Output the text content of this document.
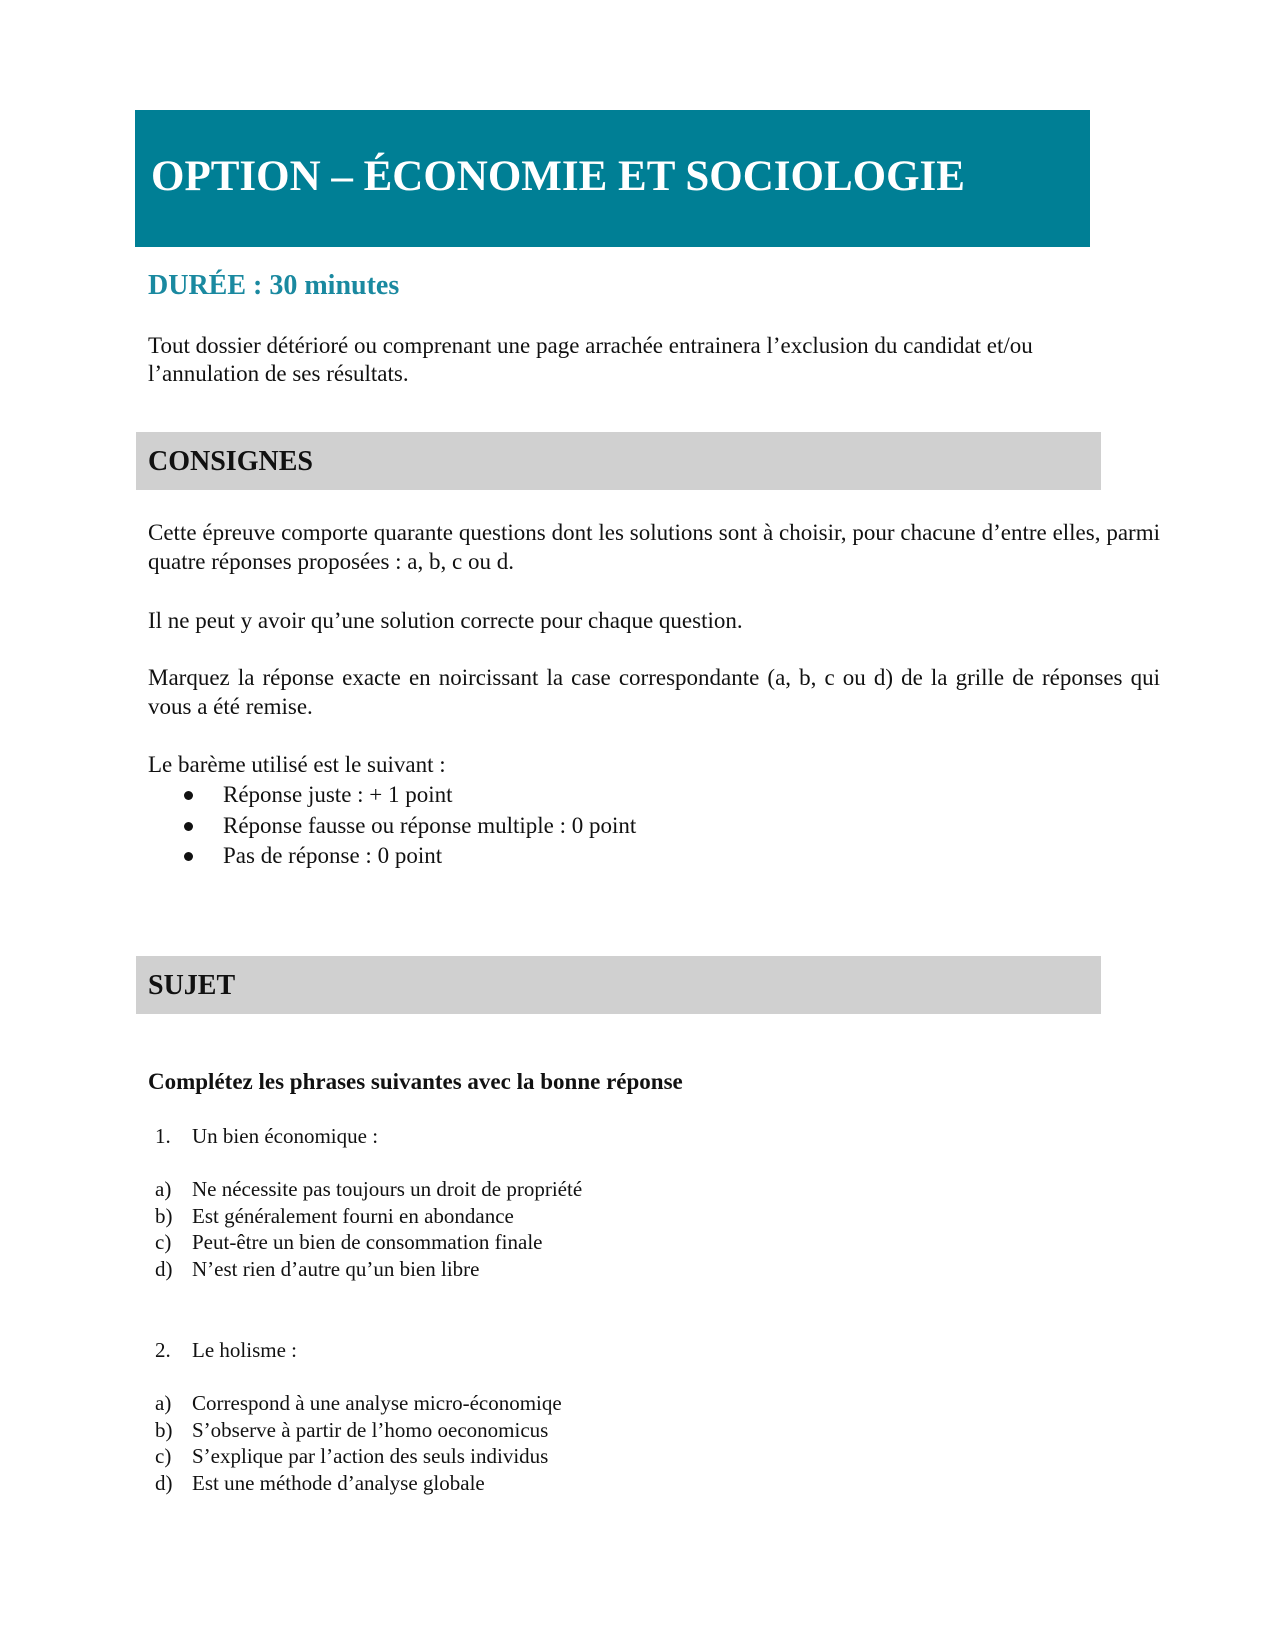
OPTION – ÉCONOMIE ET SOCIOLOGIE
DURÉE : 30 minutes
Tout dossier détérioré ou comprenant une page arrachée entrainera l’exclusion du candidat et/ou l’annulation de ses résultats.
CONSIGNES

Cette épreuve comporte quarante questions dont les solutions sont à choisir, pour chacune d’entre elles, parmi quatre réponses proposées : a, b, c ou d.

Il ne peut y avoir qu’une solution correcte pour chaque question.

Marquez la réponse exacte en noircissant la case correspondante (a, b, c ou d) de la grille de réponses qui vous a été remise.

Le barème utilisé est le suivant :

Réponse juste : + 1 point
Réponse fausse ou réponse multiple : 0 point
Pas de réponse : 0 point
SUJET
Complétez les phrases suivantes avec la bonne réponse
1. Un bien économique :
a) Ne nécessite pas toujours un droit de propriété
b) Est généralement fourni en abondance
c) Peut-être un bien de consommation finale
d) N’est rien d’autre qu’un bien libre
2. Le holisme :
a) Correspond à une analyse micro-économiqe
b) S’observe à partir de l’homo oeconomicus
c) S’explique par l’action des seuls individus
d) Est une méthode d’analyse globale
